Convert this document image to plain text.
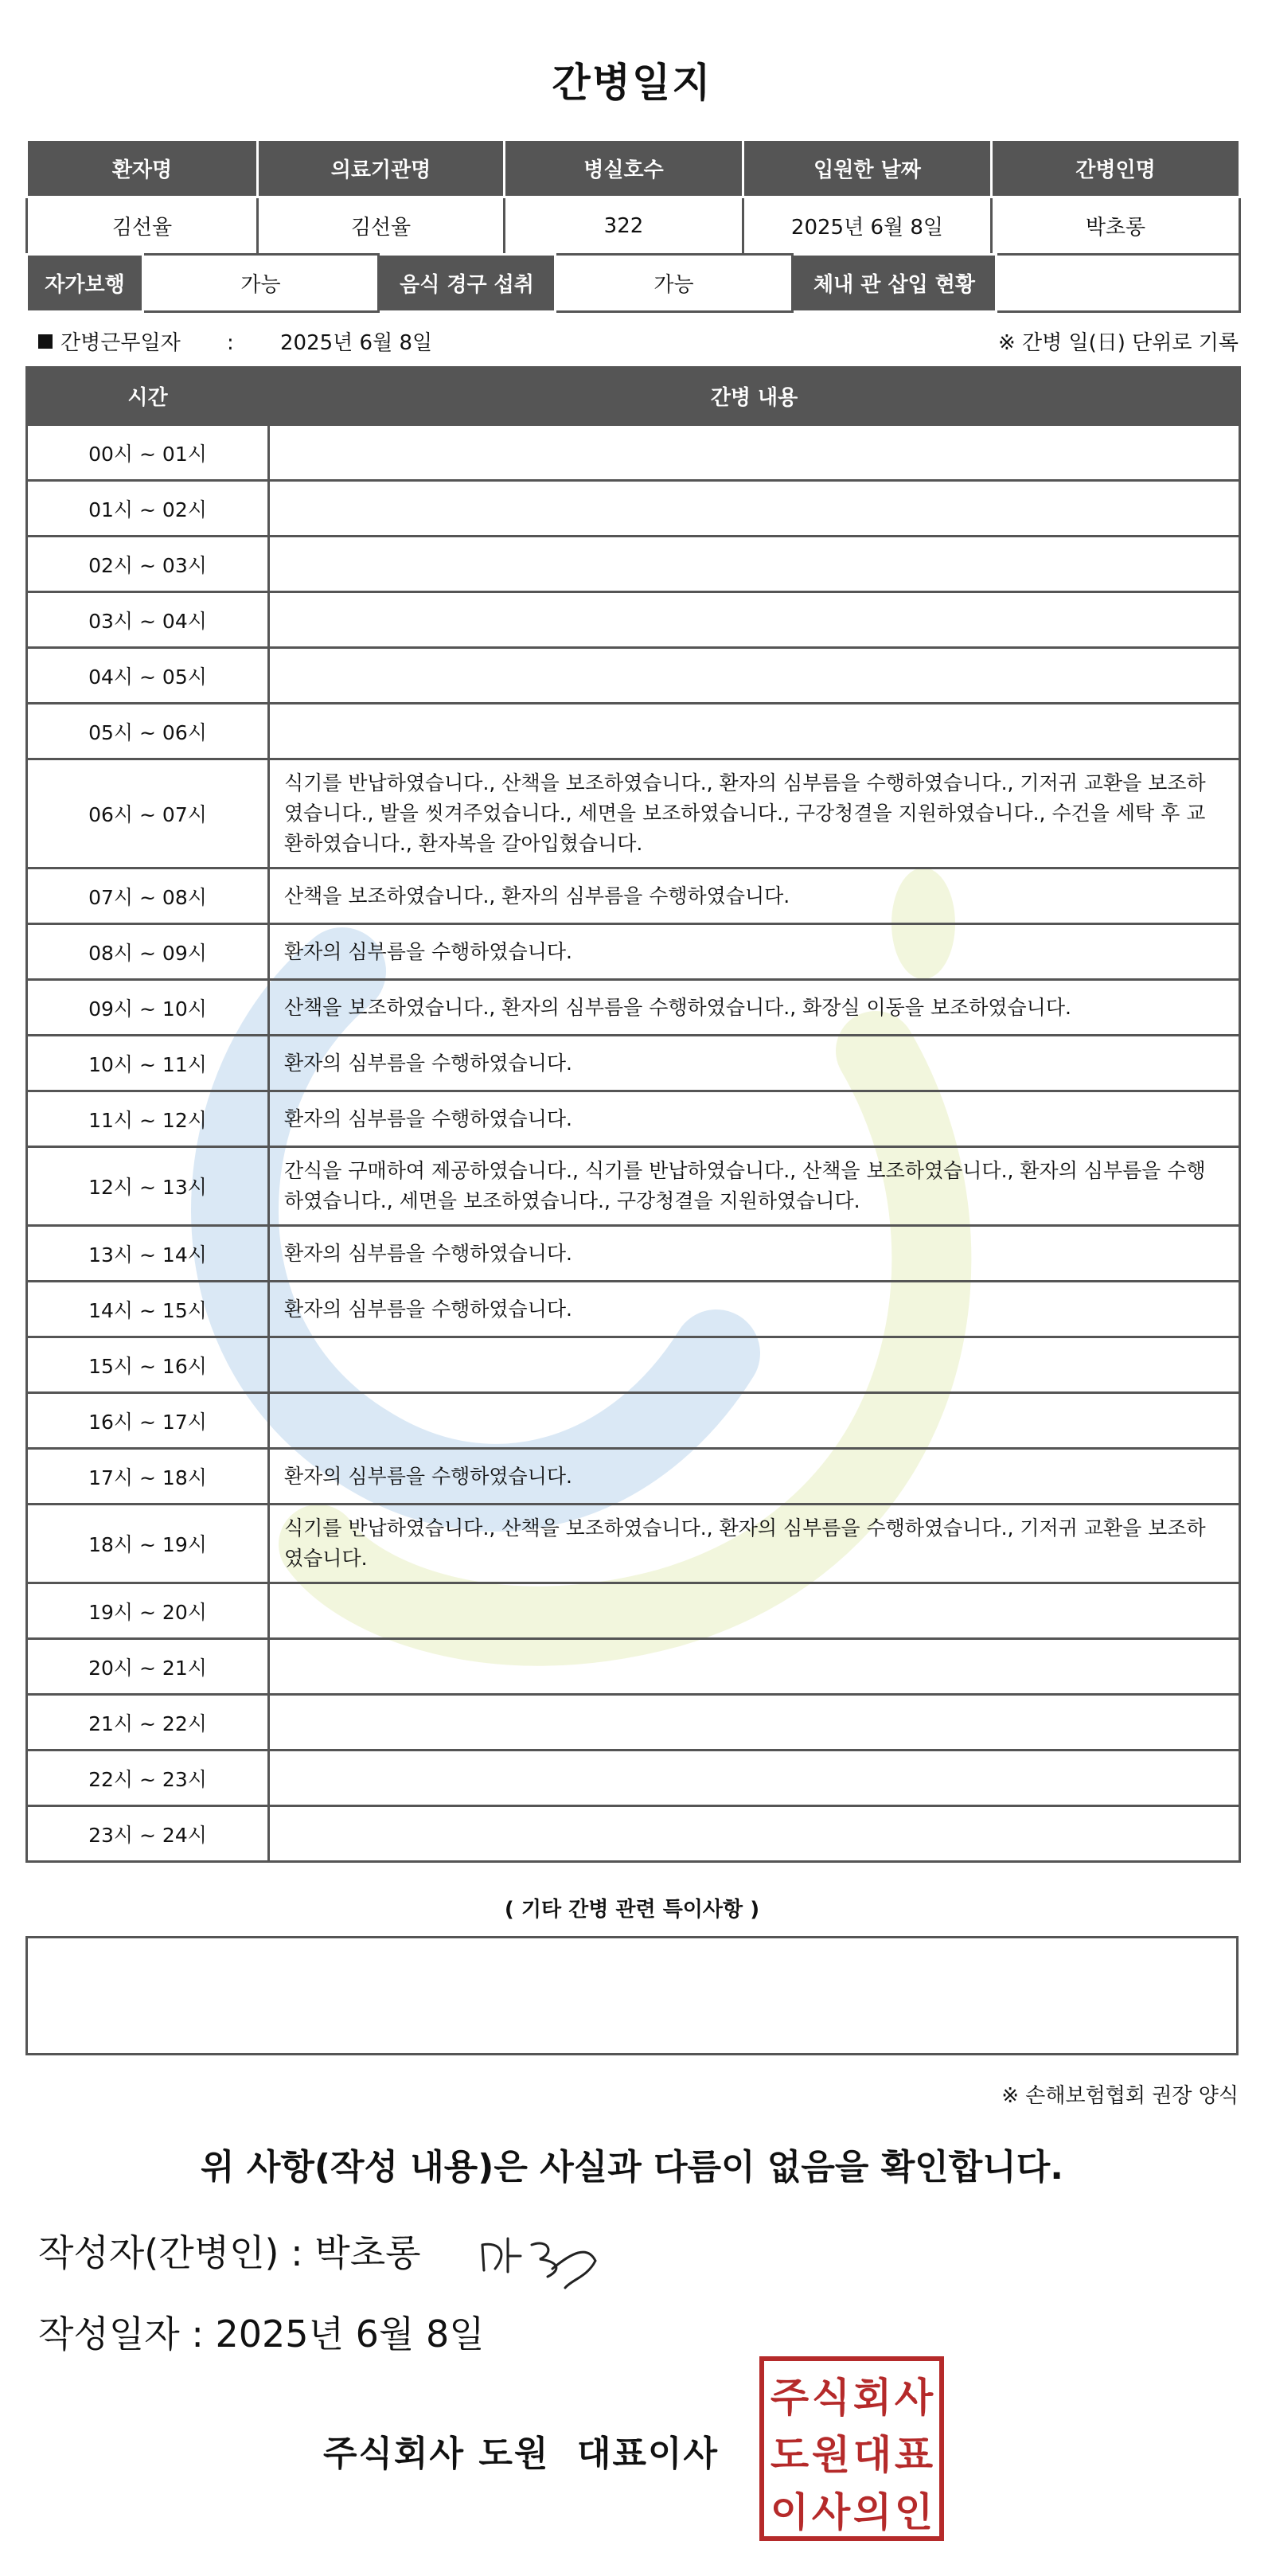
간병일지
환자명	의료기관명	병실호수	입원한 날짜	간병인명
김선율	김선율	322	2025년 6월 8일	박초롱
자가보행	가능	음식 경구 섭취	가능	체내 관 삽입 현황	
간병근무일자 : 2025년 6월 8일	※ 간병 일(日) 단위로 기록
시간	간병 내용
00시 ~ 01시	
01시 ~ 02시	
02시 ~ 03시	
03시 ~ 04시	
04시 ~ 05시	
05시 ~ 06시	
06시 ~ 07시	식기를 반납하였습니다., 산책을 보조하였습니다., 환자의 심부름을 수행하였습니다., 기저귀 교환을 보조하였습니다., 발을 씻겨주었습니다., 세면을 보조하였습니다., 구강청결을 지원하였습니다., 수건을 세탁 후 교환하였습니다., 환자복을 갈아입혔습니다.
07시 ~ 08시	산책을 보조하였습니다., 환자의 심부름을 수행하였습니다.
08시 ~ 09시	환자의 심부름을 수행하였습니다.
09시 ~ 10시	산책을 보조하였습니다., 환자의 심부름을 수행하였습니다., 화장실 이동을 보조하였습니다.
10시 ~ 11시	환자의 심부름을 수행하였습니다.
11시 ~ 12시	환자의 심부름을 수행하였습니다.
12시 ~ 13시	간식을 구매하여 제공하였습니다., 식기를 반납하였습니다., 산책을 보조하였습니다., 환자의 심부름을 수행하였습니다., 세면을 보조하였습니다., 구강청결을 지원하였습니다.
13시 ~ 14시	환자의 심부름을 수행하였습니다.
14시 ~ 15시	환자의 심부름을 수행하였습니다.
15시 ~ 16시	
16시 ~ 17시	
17시 ~ 18시	환자의 심부름을 수행하였습니다.
18시 ~ 19시	식기를 반납하였습니다., 산책을 보조하였습니다., 환자의 심부름을 수행하였습니다., 기저귀 교환을 보조하였습니다.
19시 ~ 20시	
20시 ~ 21시	
21시 ~ 22시	
22시 ~ 23시	
23시 ~ 24시	
( 기타 간병 관련 특이사항 )
※ 손해보험협회 권장 양식
위 사항(작성 내용)은 사실과 다름이 없음을 확인합니다.
작성자(간병인) : 박초롱
작성일자 : 2025년 6월 8일
주식회사 도원  대표이사
주 식 회 사
도 원 대 표
이 사 의 인
